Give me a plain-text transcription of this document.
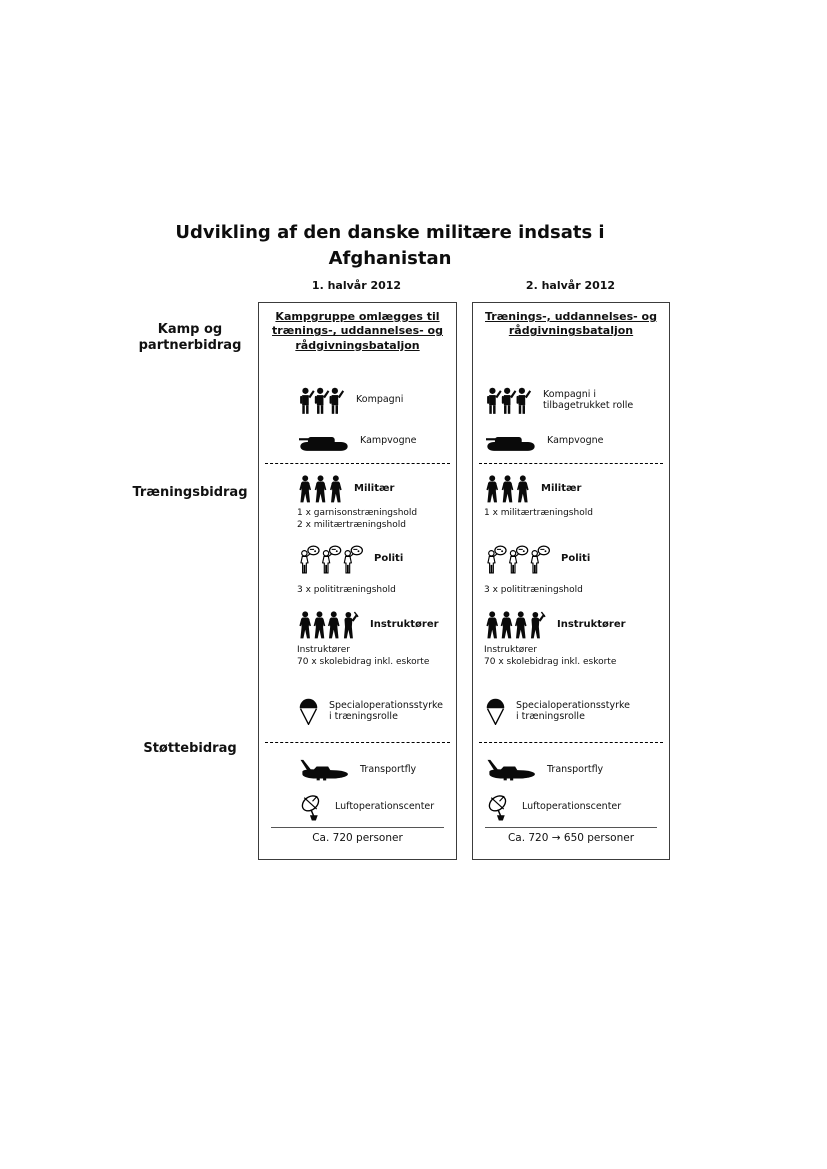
Udvikling af den danske militære indsats i Afghanistan
1. halvår 2012	2. halvår 2012
Kamp og partnerbidrag
Træningsbidrag
Støttebidrag
Kampgruppe omlægges til trænings-, uddannelses- og rådgivningsbataljon
Kompagni
Kampvogne
Militær
1 x garnisonstræningshold
2 x militærtræningshold
Politi
3 x polititræningshold
Instruktører
Instruktører
70 x skolebidrag inkl. eskorte
Specialoperationsstyrke i træningsrolle
Transportfly
Luftoperationscenter
Ca. 720 personer
Trænings-, uddannelses- og rådgivningsbataljon
Kompagni i tilbagetrukket rolle
Kampvogne
Militær
1 x militærtræningshold
Politi
3 x polititræningshold
Instruktører
Instruktører
70 x skolebidrag inkl. eskorte
Specialoperationsstyrke i træningsrolle
Transportfly
Luftoperationscenter
Ca. 720 → 650 personer
